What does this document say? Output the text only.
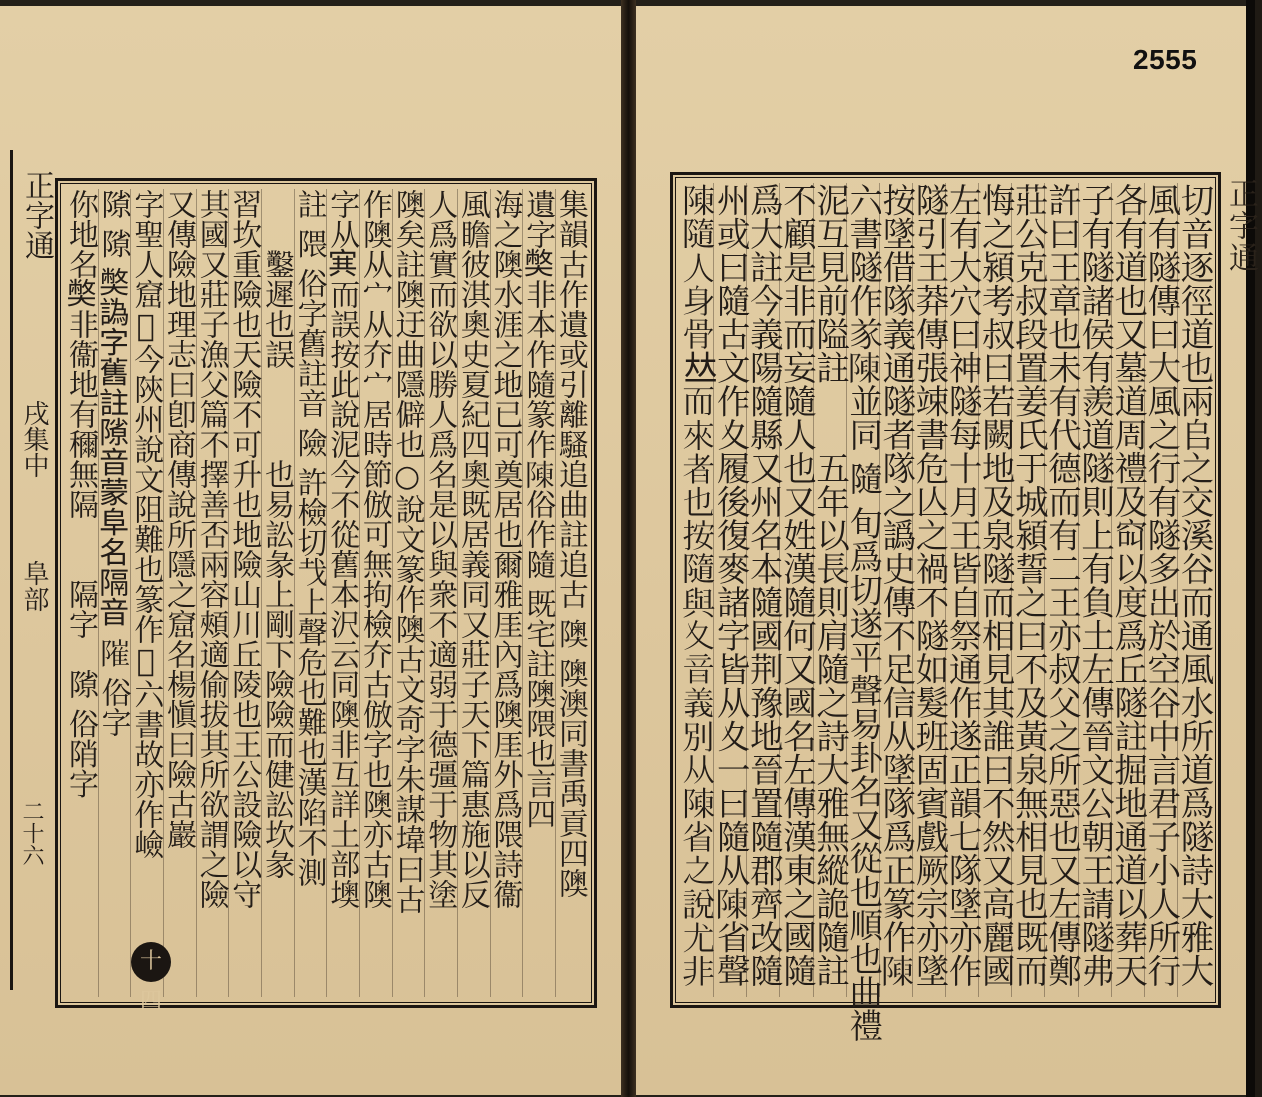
2555
正字通
戌集中
阜部
二十六	集韻古作遺或引離騷追曲註追古 隩 隩澳同書禹貢四隩
遺字𡚁非本作隨篆作𨻰俗作隨 既宅註隩隈也言四
海之隩水涯之地已可奠居也爾雅厓內爲隩厓外爲隈詩衞
風瞻彼淇奧史夏紀四奧既居義同又莊子天下篇惠施以反
人爲實而欲以勝人爲名是以與衆不適弱于德彊于物其塗
隩矣註隩迂曲隱僻也○說文篆作隩古文奇字朱謀㙔曰古
作隩从宀从夰宀居時節倣可無拘檢夰古倣字也隩亦古隩
字从𡨄而誤按此說泥今不從舊本沢云同隩非互詳土部墺
註 隈 俗字舊註音 險 許檢切𢦏上聲危也難也漢陷不測
　　鑿遲也誤　　　也易訟彖上剛下險險而健訟坎彖
習坎重險也天險不可升也地險山川丘陵也王公設險以守
其國又莊子漁父篇不擇善否兩容頰適偷拔其所欲謂之險
又傳險地理志曰卽商傳說所隱之窟名楊愼曰險古巖
字聖人窟𡉉今陝州說文阻難也篆作𨼇六書故亦作嶮
𨻶 𨻶 𡚁譌字舊註𨻶音蒙阜名隔音 𨻵 俗字
你地名𡚁非衞地有穪無隔　　隔字　𨻶 俗陗字
十四
正字通
切音逐徑道也兩𠂤之交溪谷而通風水所道爲隧詩大雅大
風有隧傳曰大風之行有隧多出於空谷中言君子小人所行
各有道也又墓道周禮及䆗以度爲丘隧註掘地通道以葬天
子有隧諸侯有羨道隧則上有負土左傳晉文公朝王請隧弗
許曰王章也未有代德而有二王亦叔父之所惡也又左傳鄭
莊公克叔段置姜氏于城潁誓之曰不及黃泉無相見也既而
悔之潁考叔曰若闕地及泉隧而相見其誰曰不然又高麗國
左有大穴曰神隧每十月王皆自祭通作遂正韻七隊墜亦作
隧引王莽傳張竦書危亾之禍不隧如髮班固賓戲厥宗亦墜
按墜借隊義通隧者隊之譌史傳不足信从墜隊爲正篆作𨻰
六書隧作㒸𨻰並同 隨 旬爲切遂平聲易卦名又從也順也曲禮
泥互見前隘註　　五年以長則肩隨之詩大雅無縱詭隨註
不顧是非而妄隨人也又姓漢隨何又國名左傳漢東之國隨
爲大註今義陽隨縣又州名本隨國荆豫地晉置隨郡齊改隨
州或曰隨古文作夊履後復麥諸字皆从夊一曰隨从𨻰省聲
𨻰隨人身骨𠀤而來者也按隨與夊音義別从𨻰省之說尤非
